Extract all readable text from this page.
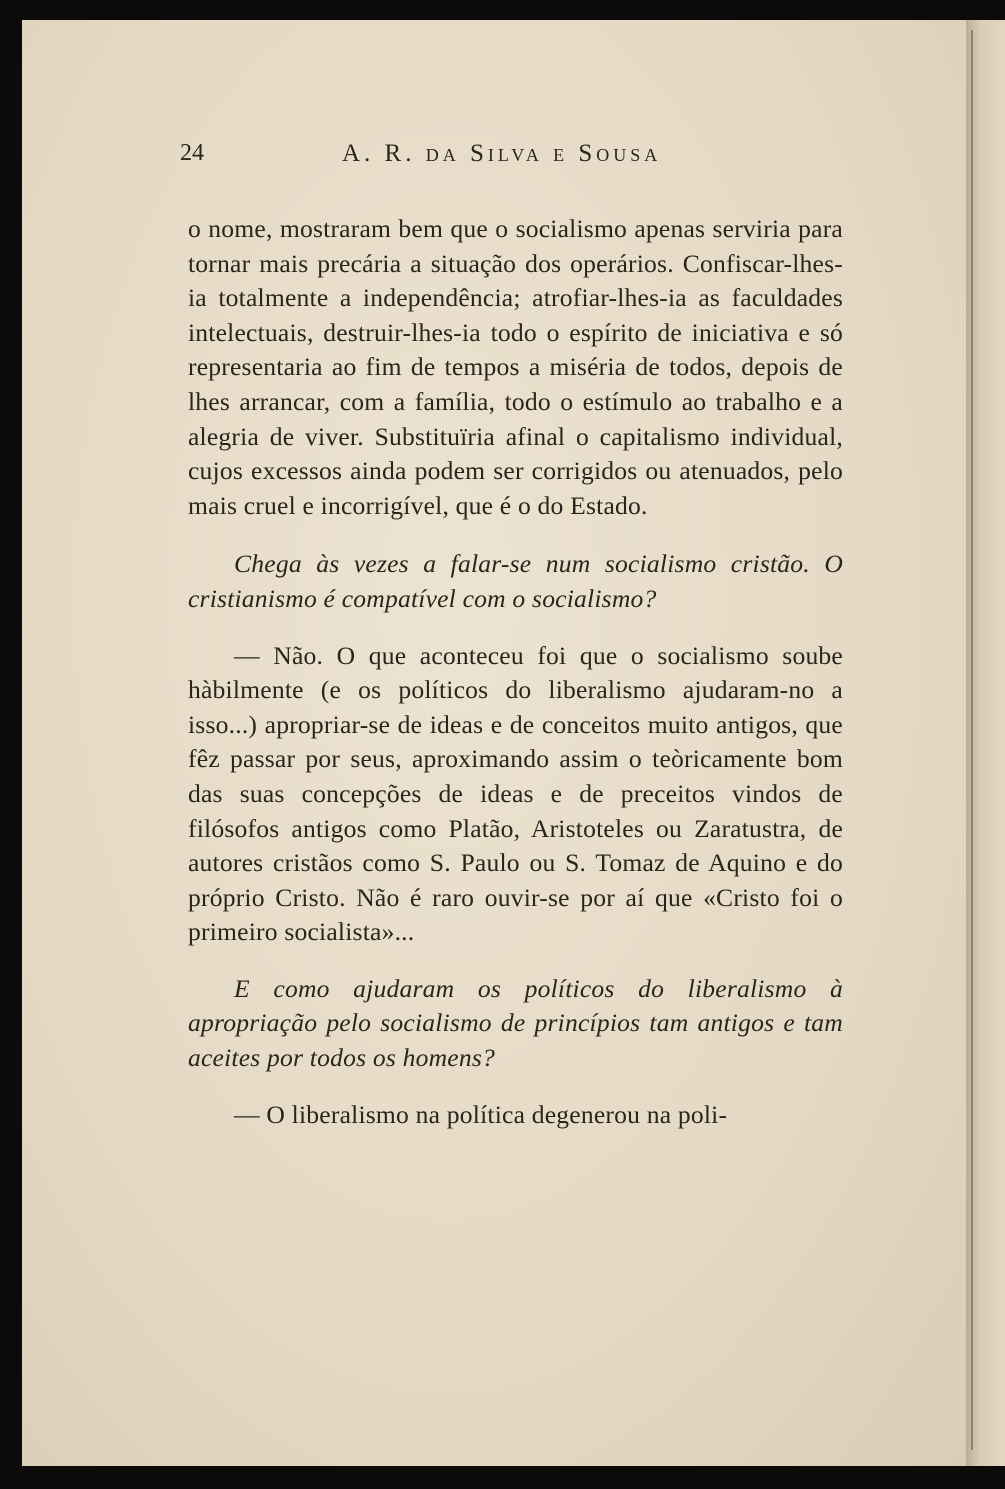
24	A. R. da Silva e Sousa

o nome, mostraram bem que o socialismo apenas serviria para tornar mais precária a situação dos operários. Confiscar-lhes-ia totalmente a independência; atrofiar-lhes-ia as faculdades intelectuais, destruir-lhes-ia todo o espírito de iniciativa e só representaria ao fim de tempos a miséria de todos, depois de lhes arrancar, com a família, todo o estímulo ao trabalho e a alegria de viver. Substituïria afinal o capitalismo individual, cujos excessos ainda podem ser corrigidos ou atenuados, pelo mais cruel e incorrigível, que é o do Estado.

Chega às vezes a falar-se num socialismo cristão. O cristianismo é compatível com o socialismo?

— Não. O que aconteceu foi que o socialismo soube hàbilmente (e os políticos do liberalismo ajudaram-no a isso...) apropriar-se de ideas e de conceitos muito antigos, que fêz passar por seus, aproximando assim o teòricamente bom das suas concepções de ideas e de preceitos vindos de filósofos antigos como Platão, Aristoteles ou Zaratustra, de autores cristãos como S. Paulo ou S. Tomaz de Aquino e do próprio Cristo. Não é raro ouvir-se por aí que «Cristo foi o primeiro socialista»...

E como ajudaram os políticos do liberalismo à apropriação pelo socialismo de princípios tam antigos e tam aceites por todos os homens?

— O liberalismo na política degenerou na poli-
